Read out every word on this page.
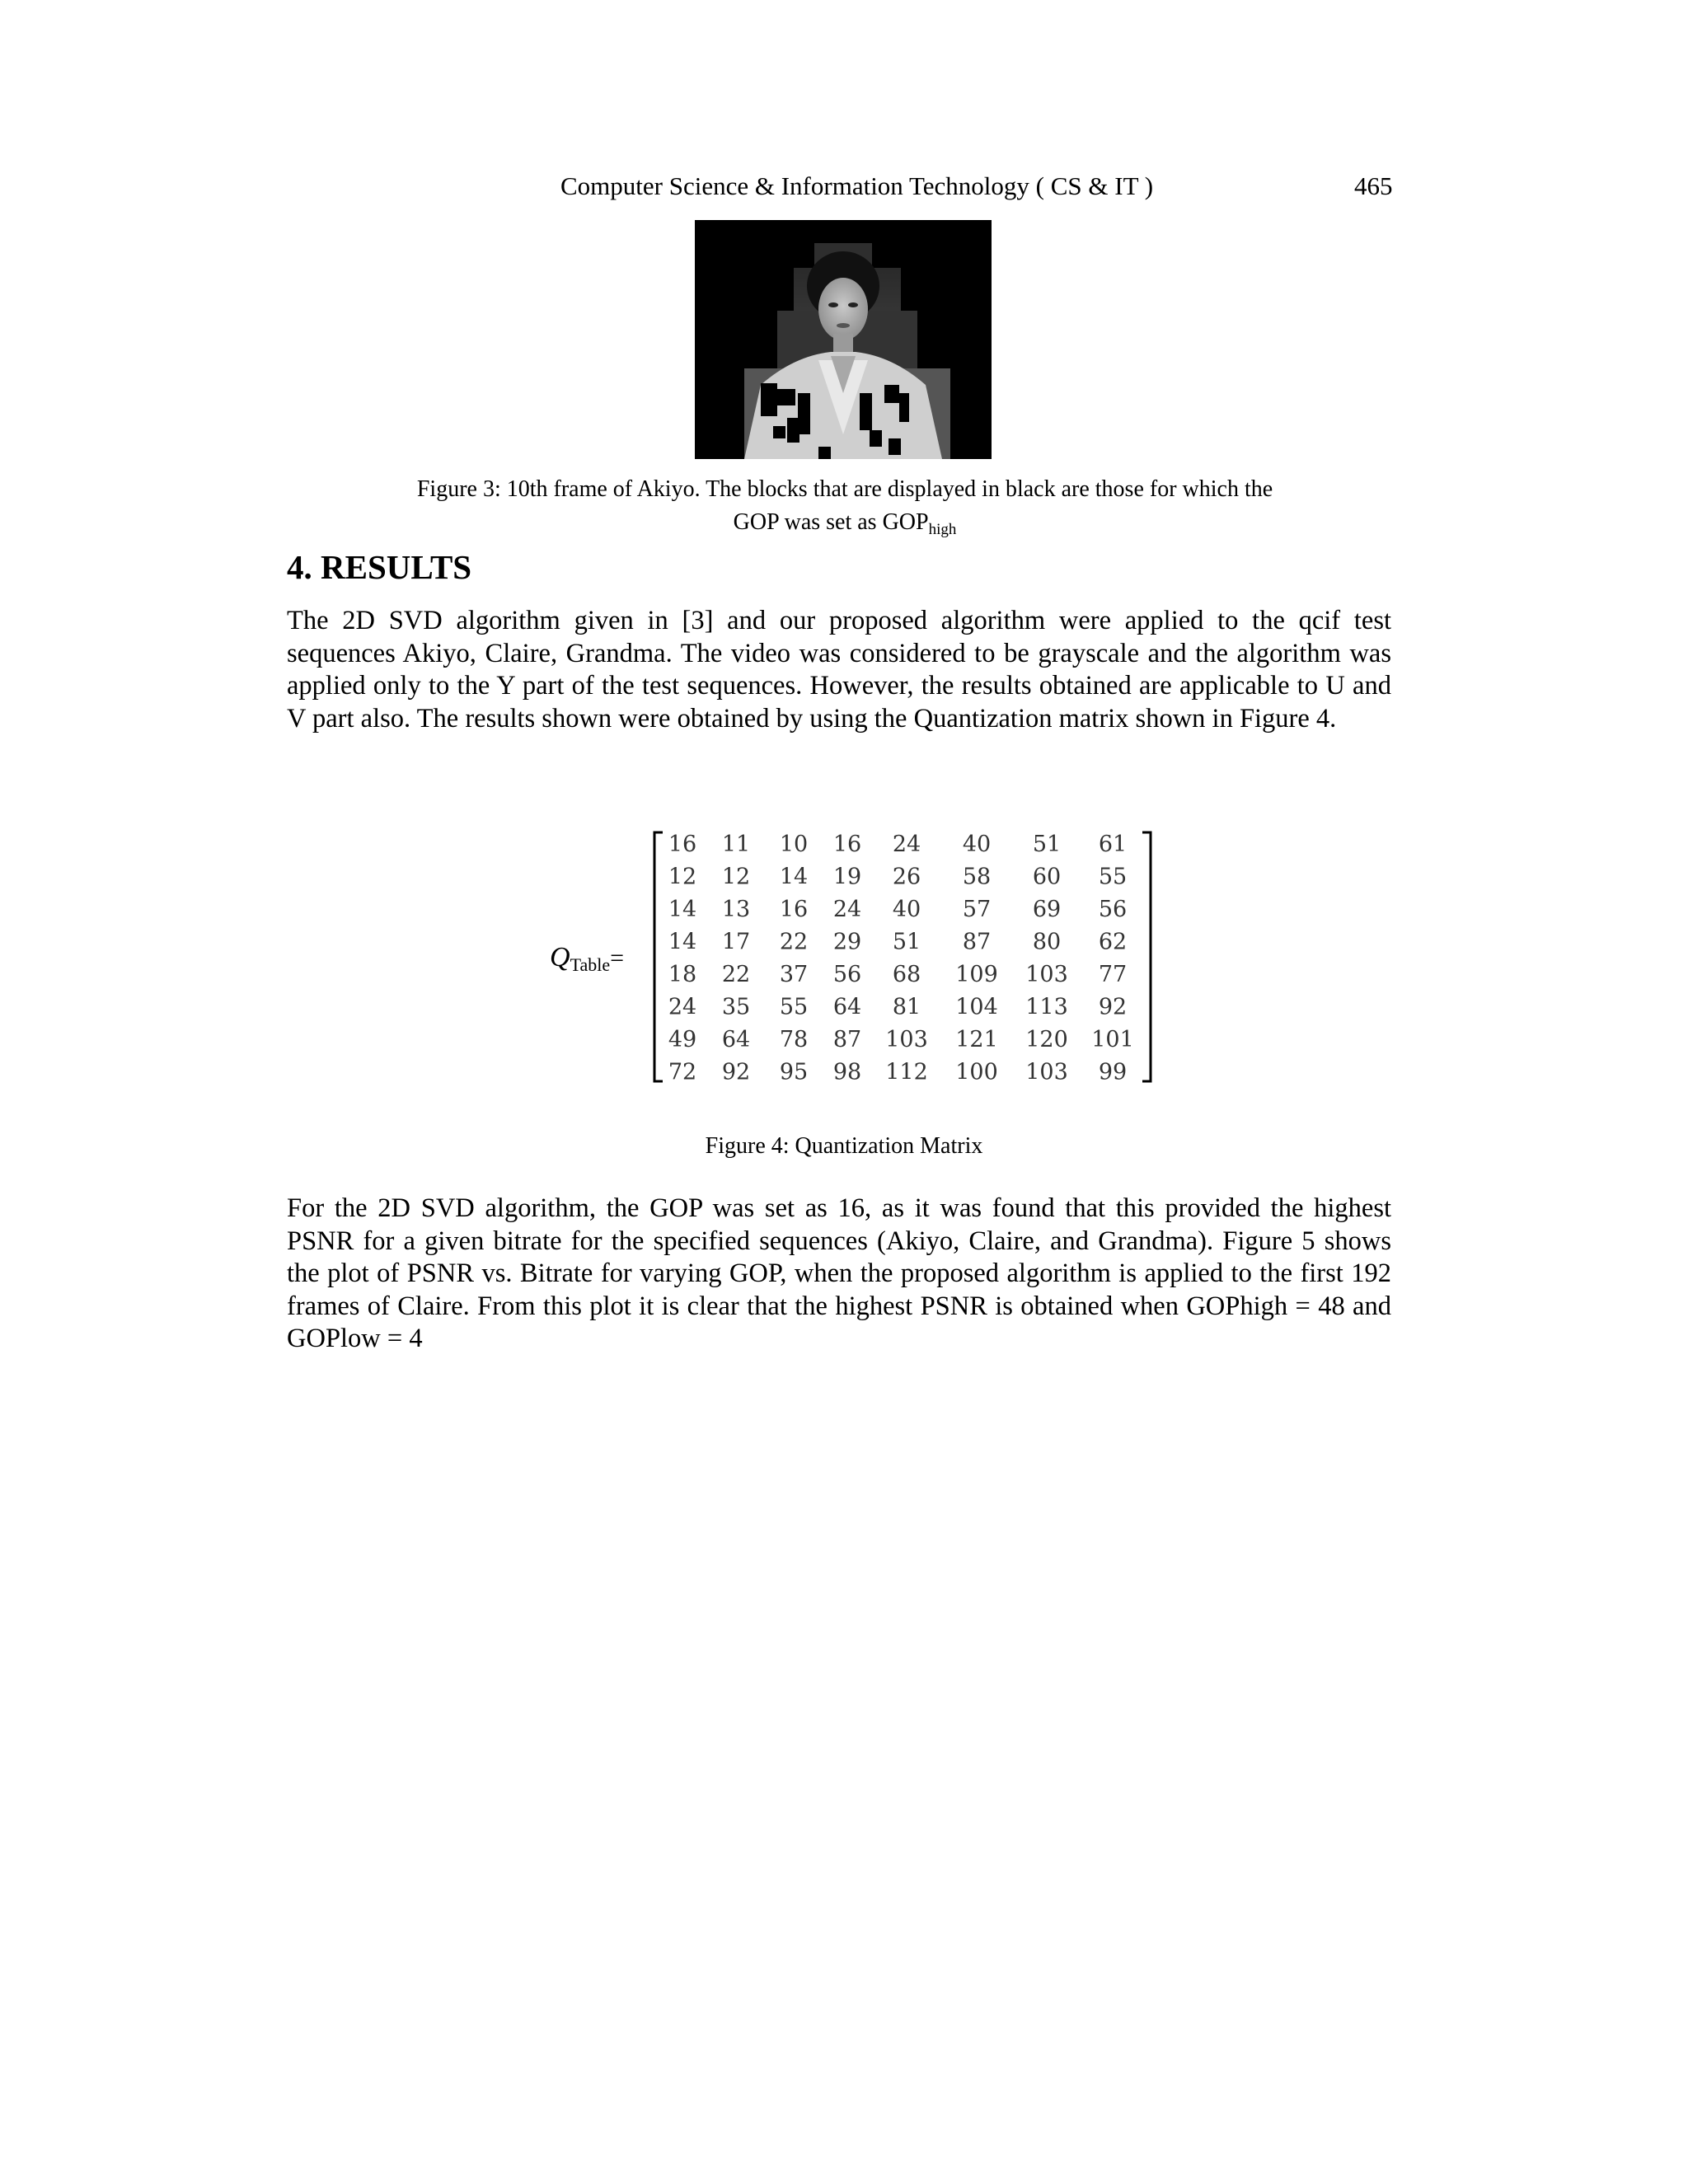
Computer Science & Information Technology ( CS & IT )	465
Figure 3: 10th frame of Akiyo. The blocks that are displayed in black are those for which the
GOP was set as $GOP_{high}$
4. RESULTS

The 2D SVD algorithm given in [3] and our proposed algorithm were applied to the qcif test sequences Akiyo, Claire, Grandma. The video was considered to be grayscale and the algorithm was applied only to the Y part of the test sequences. However, the results obtained are applicable to U and V part also. The results shown were obtained by using the Quantization matrix shown in Figure 4.

$Q_{Table}=$
16 11 10 16 24 40 51 61
12 12 14 19 26 58 60 55
14 13 16 24 40 57 69 56
14 17 22 29 51 87 80 62
18 22 37 56 68 109 103 77
24 35 55 64 81 104 113 92
49 64 78 87 103 121 120 101
72 92 95 98 112 100 103 99
Figure 4: Quantization Matrix

For the 2D SVD algorithm, the GOP was set as 16, as it was found that this provided the highest PSNR for a given bitrate for the specified sequences (Akiyo, Claire, and Grandma). Figure 5 shows the plot of PSNR vs. Bitrate for varying GOP, when the proposed algorithm is applied to the first 192 frames of Claire. From this plot it is clear that the highest PSNR is obtained when GOPhigh = 48 and GOPlow = 4
